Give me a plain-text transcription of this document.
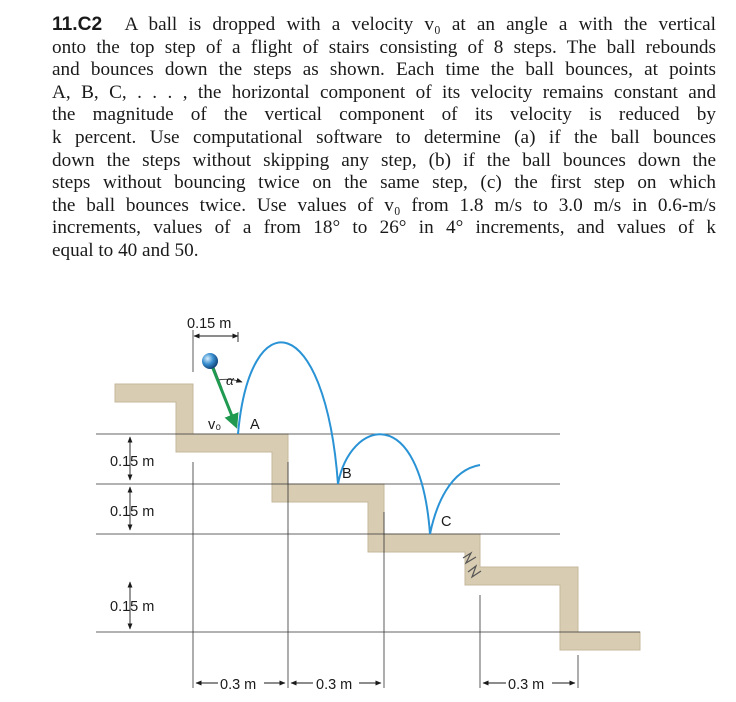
11.C2 A ball is dropped with a velocity v₀ at an angle a with the vertical
onto the top step of a flight of stairs consisting of 8 steps. The ball rebounds
and bounces down the steps as shown. Each time the ball bounces, at points
A, B, C, . . . , the horizontal component of its velocity remains constant and
the magnitude of the vertical component of its velocity is reduced by
k percent. Use computational software to determine (a) if the ball bounces
down the steps without skipping any step, (b) if the ball bounces down the
steps without bouncing twice on the same step, (c) the first step on which
the ball bounces twice. Use values of v₀ from 1.8 m/s to 3.0 m/s in 0.6-m/s
increments, values of a from 18° to 26° in 4° increments, and values of k
equal to 40 and 50.
0.15 m
0.15 m
0.15 m
0.15 m
0.3 m	0.3 m	0.3 m
α
v₀ A
B
C
